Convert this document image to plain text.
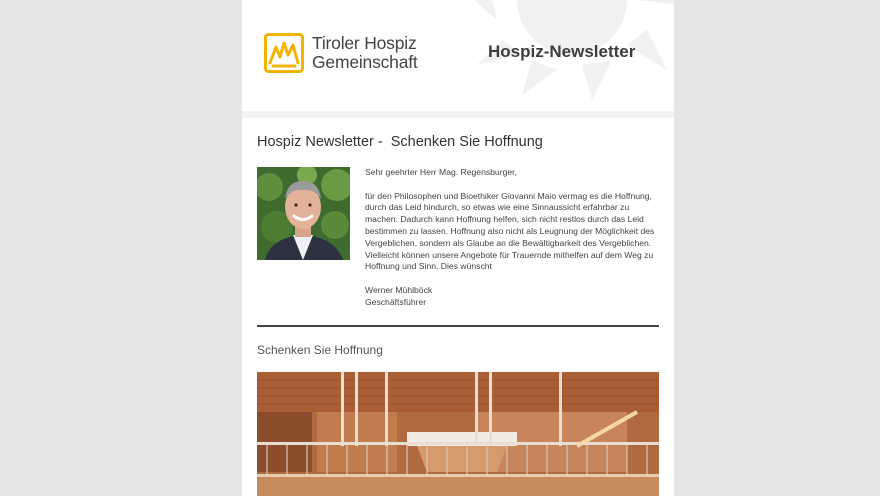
Tiroler Hospiz
Gemeinschaft
Hospiz-Newsletter
Hospiz Newsletter -  Schenken Sie Hoffnung

Sehr geehrter Herr Mag. Regensburger,

für den Philosophen und Bioethiker Giovanni Maio vermag es die Hoffnung, durch das Leid hindurch, so etwas wie eine Sinnaussicht erfahrbar zu machen. Dadurch kann Hoffnung helfen, sich nicht restlos durch das Leid bestimmen zu lassen. Hoffnung also nicht als Leugnung der Möglichkeit des Vergeblichen, sondern als Glaube an die Bewältigbarkeit des Vergeblichen. Vielleicht können unsere Angebote für Trauernde mithelfen auf dem Weg zu Hoffnung und Sinn. Dies wünscht

Werner Mühlböck
Geschäftsführer

Schenken Sie Hoffnung
